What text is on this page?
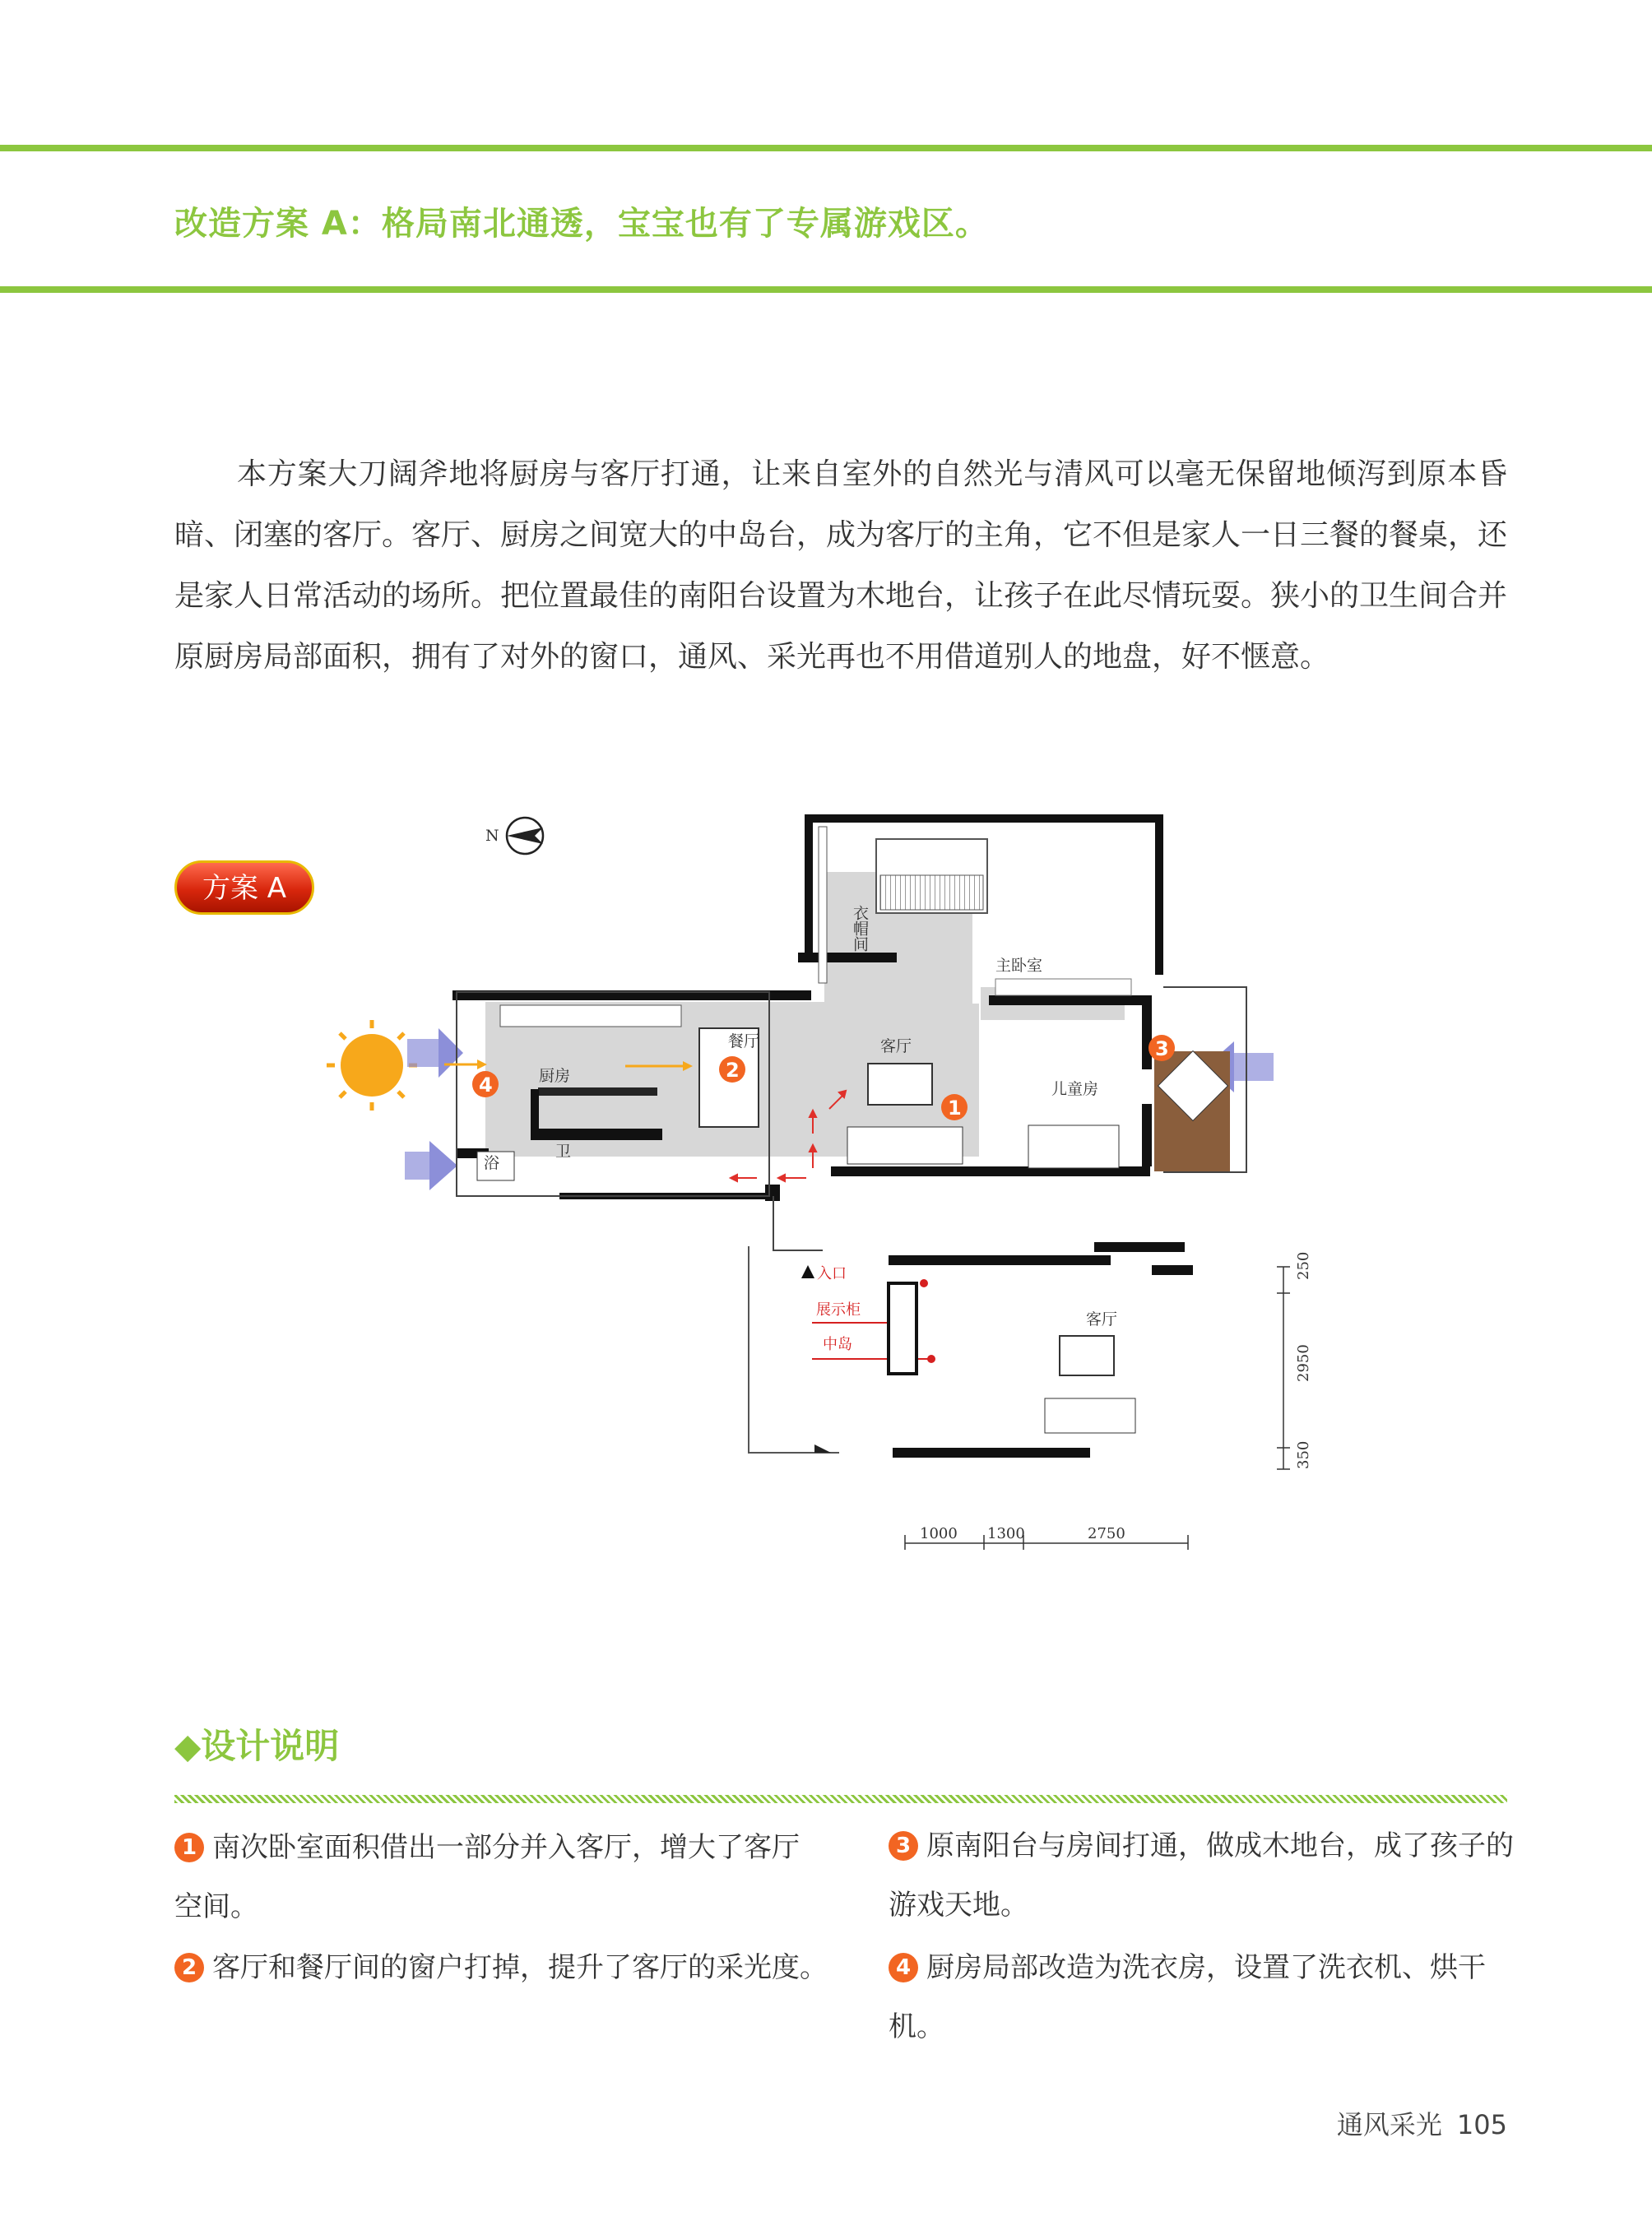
改造方案 A：格局南北通透，宝宝也有了专属游戏区。

本方案大刀阔斧地将厨房与客厅打通，让来自室外的自然光与清风可以毫无保留地倾泻到原本昏暗、闭塞的客厅。客厅、厨房之间宽大的中岛台，成为客厅的主角，它不但是家人一日三餐的餐桌，还是家人日常活动的场所。把位置最佳的南阳台设置为木地台，让孩子在此尽情玩耍。狭小的卫生间合并原厨房局部面积，拥有了对外的窗口，通风、采光再也不用借道别人的地盘，好不惬意。

方案 A
N
衣帽间
主卧室
餐厅	客厅
儿童房
厨房
卫
浴
1
2
3
4
入口
展示柜
中岛
客厅
250
2950
350
1000 1300	2750
◆设计说明
1 南次卧室面积借出一部分并入客厅，增大了客厅空间。
2 客厅和餐厅间的窗户打掉，提升了客厅的采光度。
3 原南阳台与房间打通，做成木地台，成了孩子的游戏天地。
4 厨房局部改造为洗衣房，设置了洗衣机、烘干机。
通风采光 105
